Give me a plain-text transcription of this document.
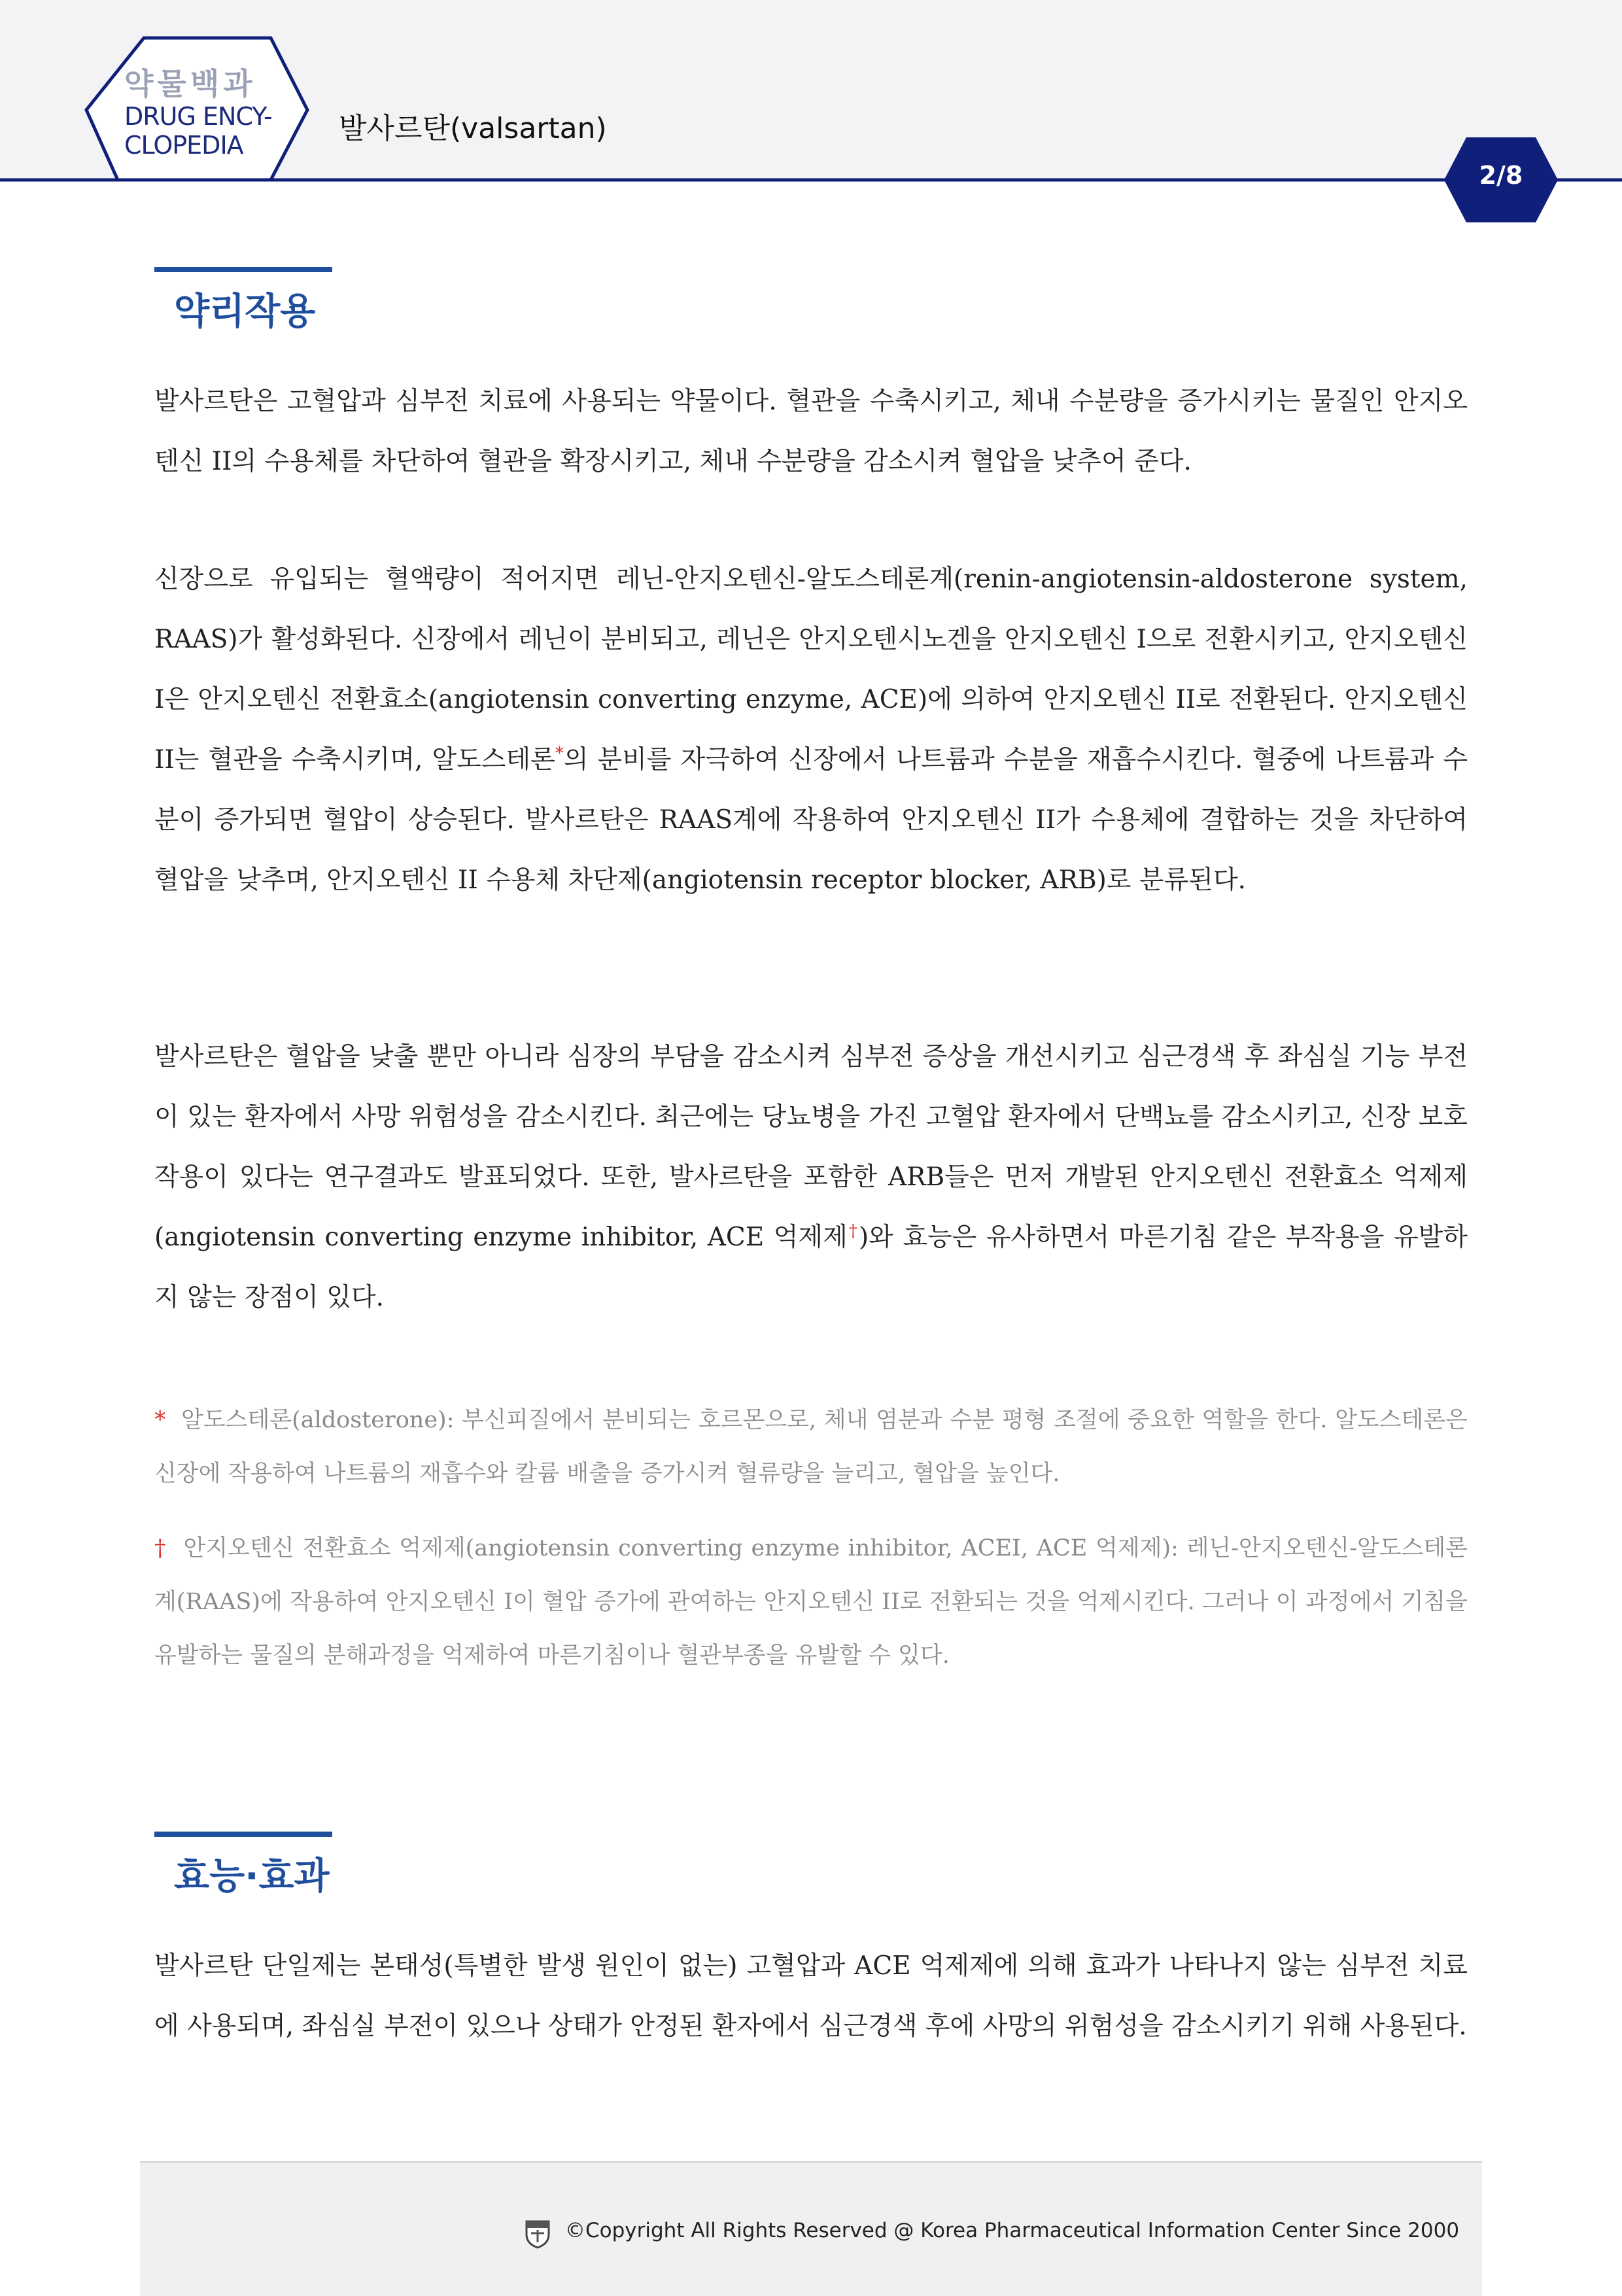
약물백과
DRUG ENCY-
CLOPEDIA	발사르탄(valsartan)
2/8
약리작용

발사르탄은 고혈압과 심부전 치료에 사용되는 약물이다. 혈관을 수축시키고, 체내 수분량을 증가시키는 물질인 안지오텐신 II의 수용체를 차단하여 혈관을 확장시키고, 체내 수분량을 감소시켜 혈압을 낮추어 준다.

신장으로 유입되는 혈액량이 적어지면 레닌-안지오텐신-알도스테론계(renin-angiotensin-aldosterone system, RAAS)가 활성화된다. 신장에서 레닌이 분비되고, 레닌은 안지오텐시노겐을 안지오텐신 I으로 전환시키고, 안지오텐신 I은 안지오텐신 전환효소(angiotensin converting enzyme, ACE)에 의하여 안지오텐신 II로 전환된다. 안지오텐신 II는 혈관을 수축시키며, 알도스테론*의 분비를 자극하여 신장에서 나트륨과 수분을 재흡수시킨다. 혈중에 나트륨과 수분이 증가되면 혈압이 상승된다. 발사르탄은 RAAS계에 작용하여 안지오텐신 II가 수용체에 결합하는 것을 차단하여 혈압을 낮추며, 안지오텐신 II 수용체 차단제(angiotensin receptor blocker, ARB)로 분류된다.

발사르탄은 혈압을 낮출 뿐만 아니라 심장의 부담을 감소시켜 심부전 증상을 개선시키고 심근경색 후 좌심실 기능 부전이 있는 환자에서 사망 위험성을 감소시킨다. 최근에는 당뇨병을 가진 고혈압 환자에서 단백뇨를 감소시키고, 신장 보호 작용이 있다는 연구결과도 발표되었다. 또한, 발사르탄을 포함한 ARB들은 먼저 개발된 안지오텐신 전환효소 억제제(angiotensin converting enzyme inhibitor, ACE 억제제†)와 효능은 유사하면서 마른기침 같은 부작용을 유발하지 않는 장점이 있다.

* 알도스테론(aldosterone): 부신피질에서 분비되는 호르몬으로, 체내 염분과 수분 평형 조절에 중요한 역할을 한다. 알도스테론은 신장에 작용하여 나트륨의 재흡수와 칼륨 배출을 증가시켜 혈류량을 늘리고, 혈압을 높인다.

† 안지오텐신 전환효소 억제제(angiotensin converting enzyme inhibitor, ACEI, ACE 억제제): 레닌-안지오텐신-알도스테론계(RAAS)에 작용하여 안지오텐신 I이 혈압 증가에 관여하는 안지오텐신 II로 전환되는 것을 억제시킨다. 그러나 이 과정에서 기침을 유발하는 물질의 분해과정을 억제하여 마른기침이나 혈관부종을 유발할 수 있다.

효능·효과

발사르탄 단일제는 본태성(특별한 발생 원인이 없는) 고혈압과 ACE 억제제에 의해 효과가 나타나지 않는 심부전 치료에 사용되며, 좌심실 부전이 있으나 상태가 안정된 환자에서 심근경색 후에 사망의 위험성을 감소시키기 위해 사용된다.

©Copyright All Rights Reserved @ Korea Pharmaceutical Information Center Since 2000
